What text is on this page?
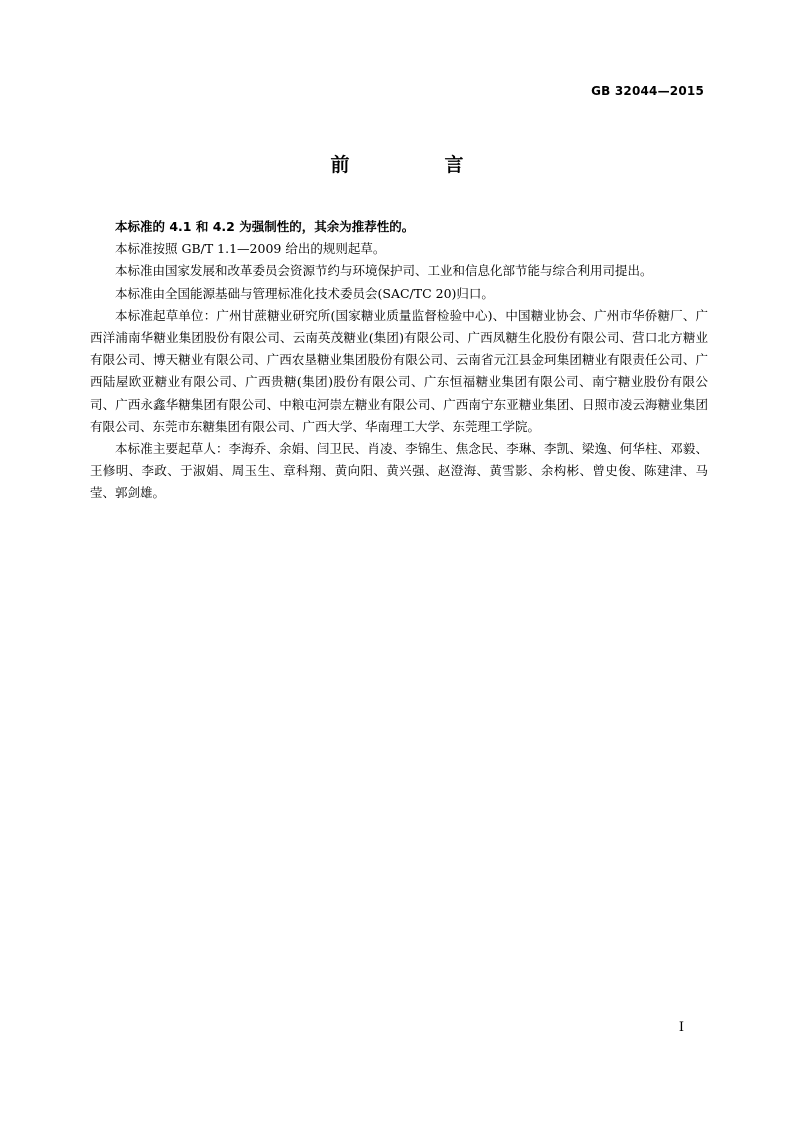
GB 32044—2015
前　言

本标准的 4.1 和 4.2 为强制性的，其余为推荐性的。

本标准按照 GB/T 1.1—2009 给出的规则起草。

本标准由国家发展和改革委员会资源节约与环境保护司、工业和信息化部节能与综合利用司提出。

本标准由全国能源基础与管理标准化技术委员会(SAC/TC 20)归口。

本标准起草单位：广州甘蔗糖业研究所(国家糖业质量监督检验中心)、中国糖业协会、广州市华侨糖厂、广西洋浦南华糖业集团股份有限公司、云南英茂糖业(集团)有限公司、广西凤糖生化股份有限公司、营口北方糖业有限公司、博天糖业有限公司、广西农垦糖业集团股份有限公司、云南省元江县金珂集团糖业有限责任公司、广西陆屋欧亚糖业有限公司、广西贵糖(集团)股份有限公司、广东恒福糖业集团有限公司、南宁糖业股份有限公司、广西永鑫华糖集团有限公司、中粮屯河崇左糖业有限公司、广西南宁东亚糖业集团、日照市凌云海糖业集团有限公司、东莞市东糖集团有限公司、广西大学、华南理工大学、东莞理工学院。

本标准主要起草人：李海乔、余娟、闫卫民、肖凌、李锦生、焦念民、李琳、李凯、梁逸、何华柱、邓毅、王修明、李政、于淑娟、周玉生、章科翔、黄向阳、黄兴强、赵澄海、黄雪影、余构彬、曾史俊、陈建津、马莹、郭剑雄。

I
